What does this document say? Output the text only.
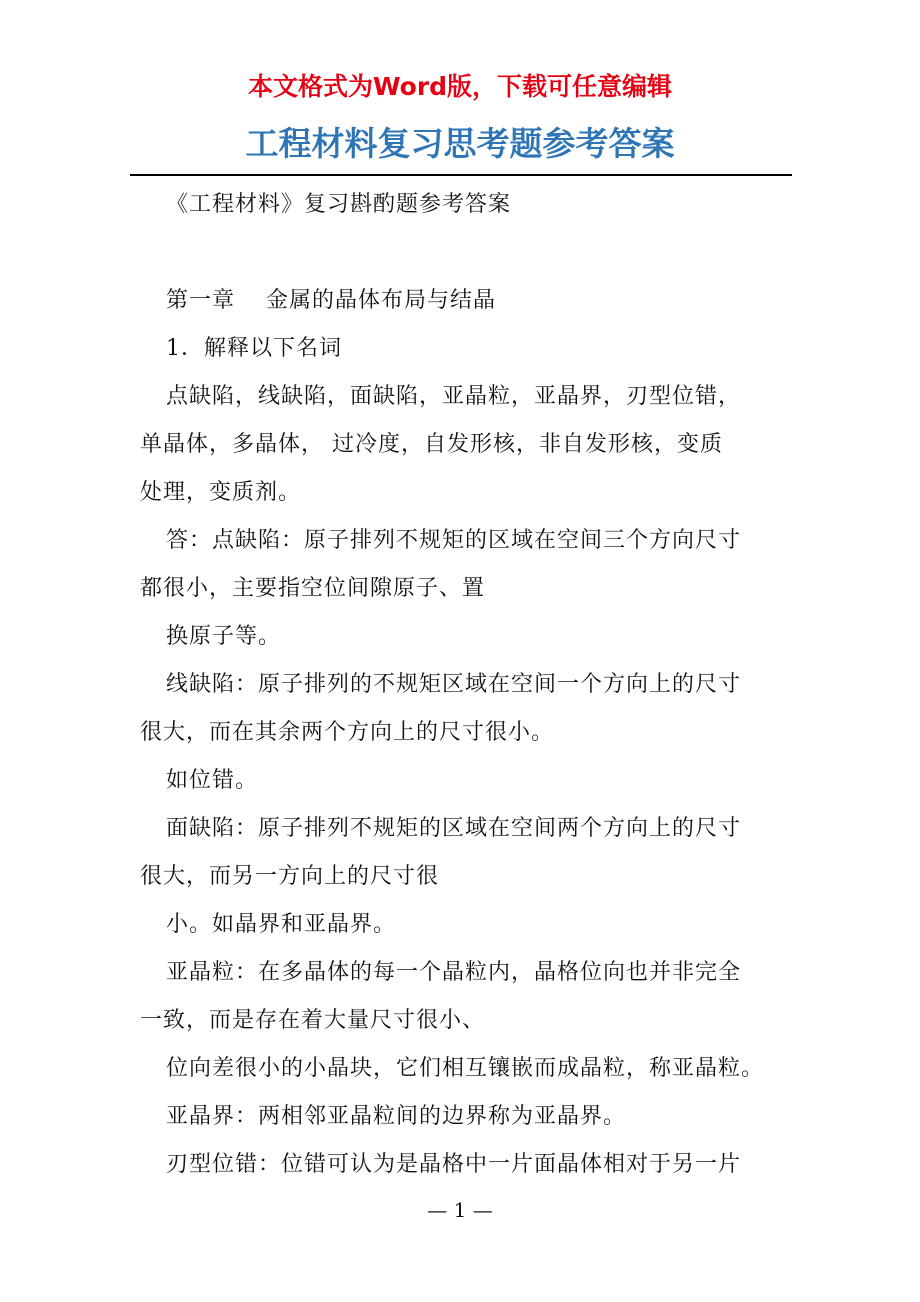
本文格式为Word版，下载可任意编辑
工程材料复习思考题参考答案
《工程材料》复习斟酌题参考答案
第一章　 金属的晶体布局与结晶
1．解释以下名词
点缺陷，线缺陷，面缺陷，亚晶粒，亚晶界，刃型位错，
单晶体，多晶体， 过冷度，自发形核，非自发形核，变质
处理，变质剂。
答：点缺陷：原子排列不规矩的区域在空间三个方向尺寸
都很小，主要指空位间隙原子、置
换原子等。
线缺陷：原子排列的不规矩区域在空间一个方向上的尺寸
很大，而在其余两个方向上的尺寸很小。
如位错。
面缺陷：原子排列不规矩的区域在空间两个方向上的尺寸
很大，而另一方向上的尺寸很
小。如晶界和亚晶界。
亚晶粒：在多晶体的每一个晶粒内，晶格位向也并非完全
一致，而是存在着大量尺寸很小、
位向差很小的小晶块，它们相互镶嵌而成晶粒，称亚晶粒。
亚晶界：两相邻亚晶粒间的边界称为亚晶界。
刃型位错：位错可认为是晶格中一片面晶体相对于另一片
— 1 —
